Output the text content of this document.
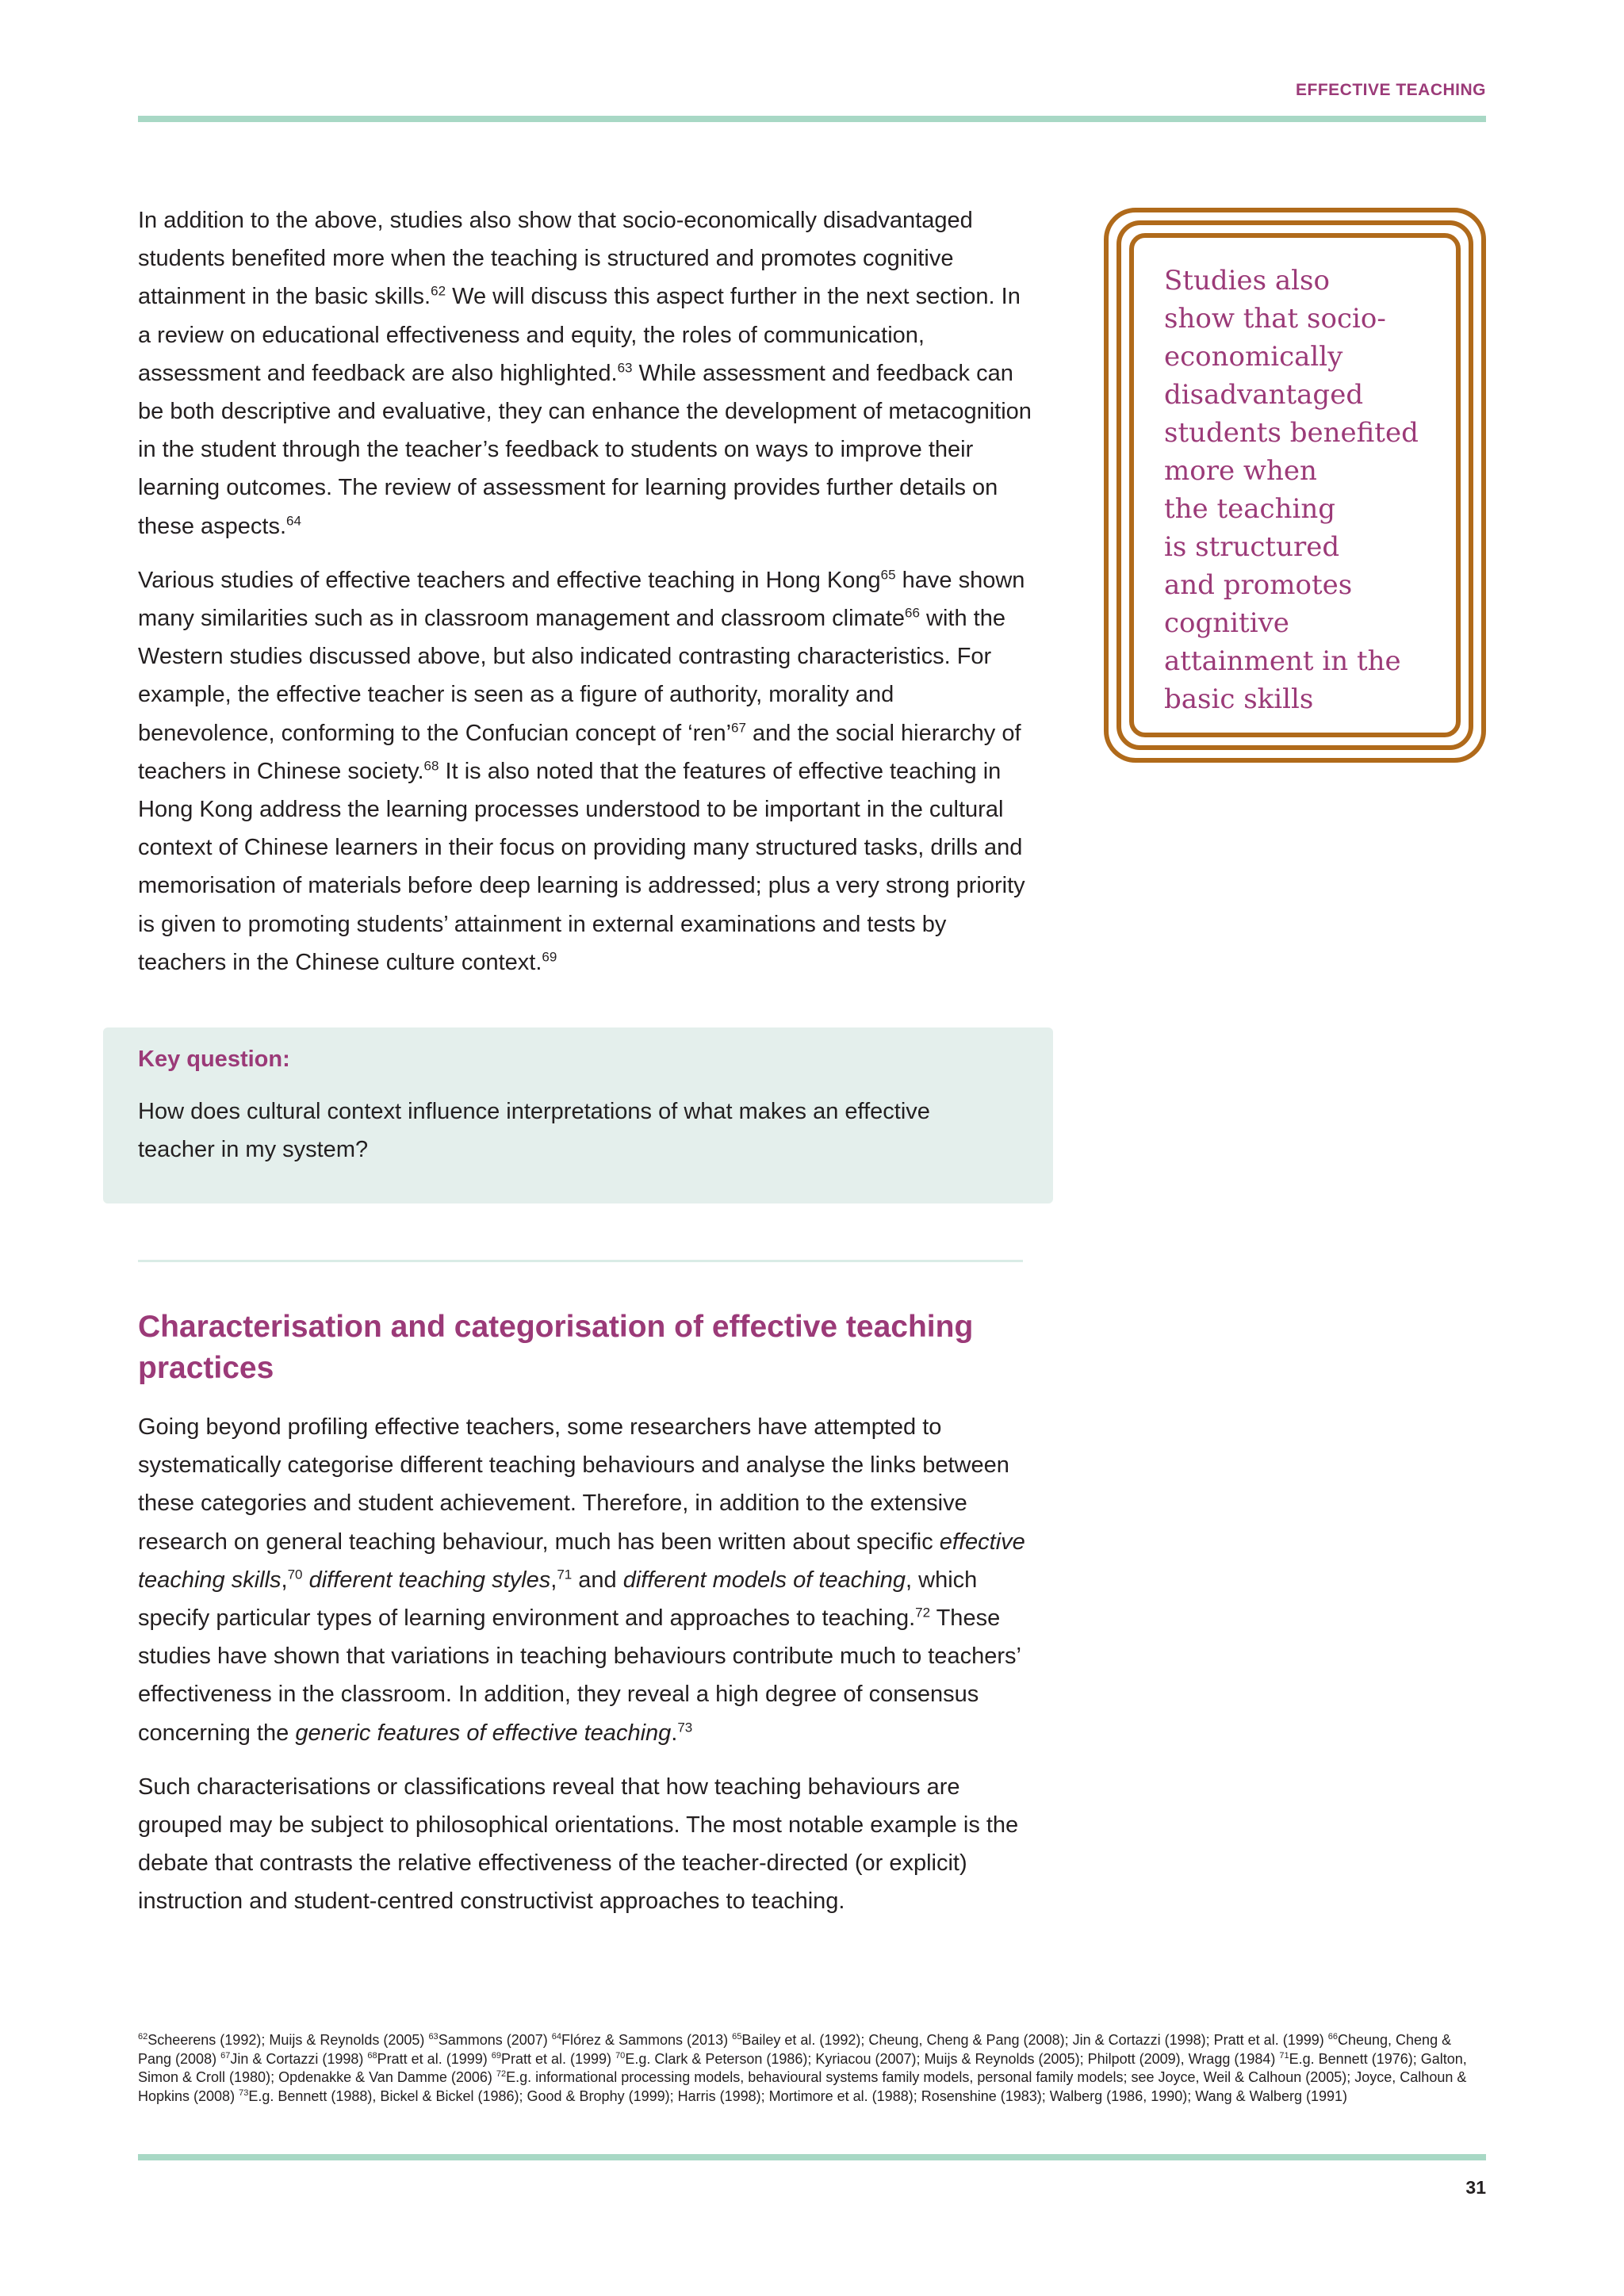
EFFECTIVE TEACHING

In addition to the above, studies also show that socio-economically disadvantaged students benefited more when the teaching is structured and promotes cognitive attainment in the basic skills.$^{62}$ We will discuss this aspect further in the next section. In a review on educational effectiveness and equity, the roles of communication, assessment and feedback are also highlighted.$^{63}$ While assessment and feedback can be both descriptive and evaluative, they can enhance the development of metacognition in the student through the teacher’s feedback to students on ways to improve their learning outcomes. The review of assessment for learning provides further details on these aspects.$^{64}$

Various studies of effective teachers and effective teaching in Hong Kong$^{65}$ have shown many similarities such as in classroom management and classroom climate$^{66}$ with the Western studies discussed above, but also indicated contrasting characteristics. For example, the effective teacher is seen as a figure of authority, morality and benevolence, conforming to the Confucian concept of ‘ren’$^{67}$ and the social hierarchy of teachers in Chinese society.$^{68}$ It is also noted that the features of effective teaching in Hong Kong address the learning processes understood to be important in the cultural context of Chinese learners in their focus on providing many structured tasks, drills and memorisation of materials before deep learning is addressed; plus a very strong priority is given to promoting students’ attainment in external examinations and tests by teachers in the Chinese culture context.$^{69}$

Studies also
show that socio-
economically
disadvantaged
students benefited
more when
the teaching
is structured
and promotes
cognitive
attainment in the
basic skills
Key question:
How does cultural context influence interpretations of what makes an effective teacher in my system?
Characterisation and categorisation of effective teaching practices

Going beyond profiling effective teachers, some researchers have attempted to systematically categorise different teaching behaviours and analyse the links between these categories and student achievement. Therefore, in addition to the extensive research on general teaching behaviour, much has been written about specific effective teaching skills,$^{70}$ different teaching styles,$^{71}$ and different models of teaching, which specify particular types of learning environment and approaches to teaching.$^{72}$ These studies have shown that variations in teaching behaviours contribute much to teachers’ effectiveness in the classroom. In addition, they reveal a high degree of consensus concerning the generic features of effective teaching.$^{73}$

Such characterisations or classifications reveal that how teaching behaviours are grouped may be subject to philosophical orientations. The most notable example is the debate that contrasts the relative effectiveness of the teacher-directed (or explicit) instruction and student-centred constructivist approaches to teaching.

$^{62}$Scheerens (1992); Muijs & Reynolds (2005) $^{63}$Sammons (2007) $^{64}$Flórez & Sammons (2013) $^{65}$Bailey et al. (1992); Cheung, Cheng & Pang (2008); Jin & Cortazzi (1998); Pratt et al. (1999) $^{66}$Cheung, Cheng & Pang (2008) $^{67}$Jin & Cortazzi (1998) $^{68}$Pratt et al. (1999) $^{69}$Pratt et al. (1999) $^{70}$E.g. Clark & Peterson (1986); Kyriacou (2007); Muijs & Reynolds (2005); Philpott (2009), Wragg (1984) $^{71}$E.g. Bennett (1976); Galton, Simon & Croll (1980); Opdenakke & Van Damme (2006) $^{72}$E.g. informational processing models, behavioural systems family models, personal family models; see Joyce, Weil & Calhoun (2005); Joyce, Calhoun & Hopkins (2008) $^{73}$E.g. Bennett (1988), Bickel & Bickel (1986); Good & Brophy (1999); Harris (1998); Mortimore et al. (1988); Rosenshine (1983); Walberg (1986, 1990); Wang & Walberg (1991)
31
